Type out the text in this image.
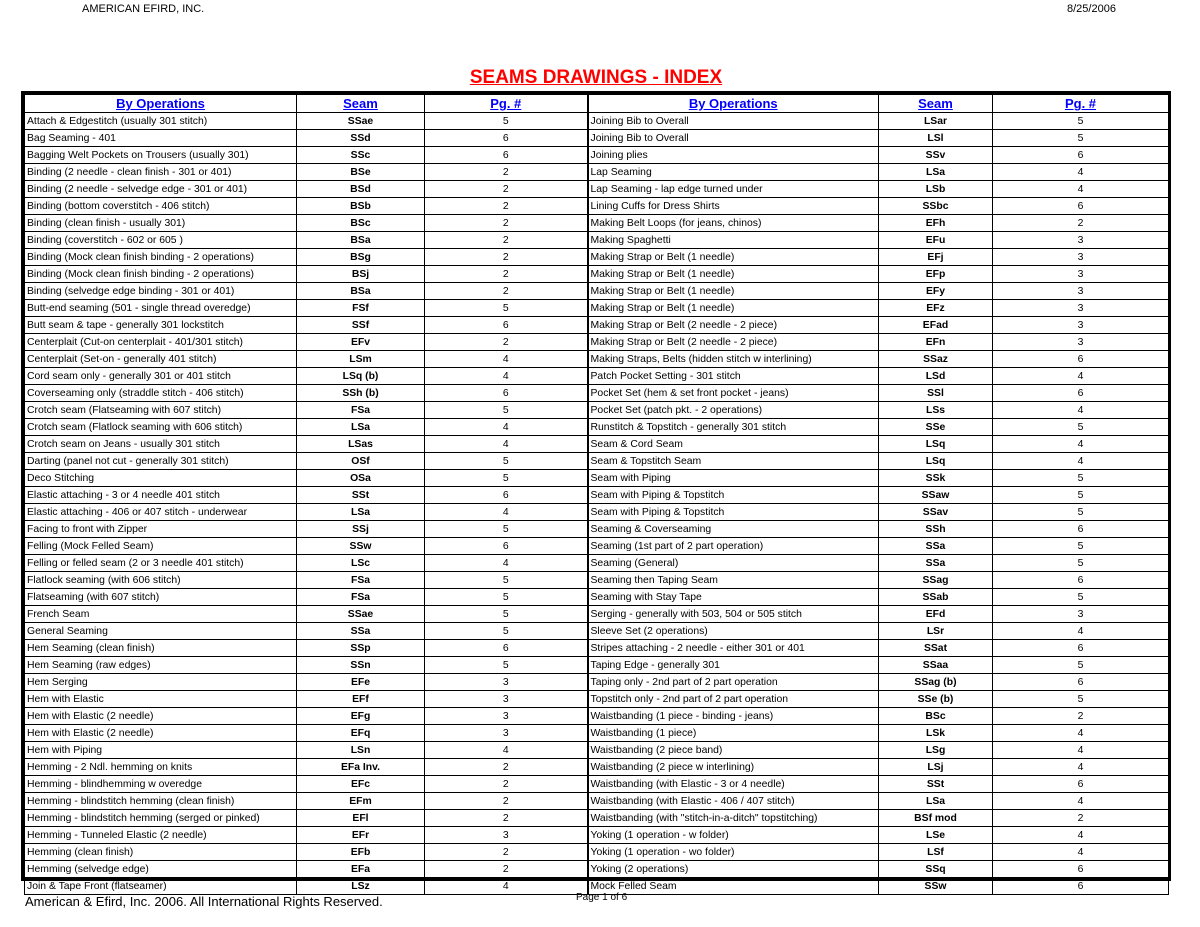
AMERICAN EFIRD, INC.	8/25/2006
SEAMS DRAWINGS - INDEX
By Operations	Seam	Pg. #	By Operations	Seam	Pg. #
Attach & Edgestitch (usually 301 stitch)	SSae	5	Joining Bib to Overall	LSar	5
Bag Seaming - 401	SSd	6	Joining Bib to Overall	LSl	5
Bagging Welt Pockets on Trousers (usually 301)	SSc	6	Joining plies	SSv	6
Binding (2 needle - clean finish - 301 or 401)	BSe	2	Lap Seaming	LSa	4
Binding (2 needle - selvedge edge - 301 or 401)	BSd	2	Lap Seaming - lap edge turned under	LSb	4
Binding (bottom coverstitch - 406 stitch)	BSb	2	Lining Cuffs for Dress Shirts	SSbc	6
Binding (clean finish - usually 301)	BSc	2	Making Belt Loops (for jeans, chinos)	EFh	2
Binding (coverstitch - 602 or 605 )	BSa	2	Making Spaghetti	EFu	3
Binding (Mock clean finish binding - 2 operations)	BSg	2	Making Strap or Belt (1 needle)	EFj	3
Binding (Mock clean finish binding - 2 operations)	BSj	2	Making Strap or Belt (1 needle)	EFp	3
Binding (selvedge edge binding - 301 or 401)	BSa	2	Making Strap or Belt (1 needle)	EFy	3
Butt-end seaming (501 - single thread overedge)	FSf	5	Making Strap or Belt (1 needle)	EFz	3
Butt seam & tape - generally 301 lockstitch	SSf	6	Making Strap or Belt (2 needle - 2 piece)	EFad	3
Centerplait (Cut-on centerplait - 401/301 stitch)	EFv	2	Making Strap or Belt (2 needle - 2 piece)	EFn	3
Centerplait (Set-on - generally 401 stitch)	LSm	4	Making Straps, Belts (hidden stitch w interlining)	SSaz	6
Cord seam only - generally 301 or 401 stitch	LSq (b)	4	Patch Pocket Setting - 301 stitch	LSd	4
Coverseaming only (straddle stitch - 406 stitch)	SSh (b)	6	Pocket Set (hem & set front pocket - jeans)	SSl	6
Crotch seam (Flatseaming with 607 stitch)	FSa	5	Pocket Set (patch pkt. - 2 operations)	LSs	4
Crotch seam (Flatlock seaming with 606 stitch)	LSa	4	Runstitch & Topstitch - generally 301 stitch	SSe	5
Crotch seam on Jeans - usually 301 stitch	LSas	4	Seam & Cord Seam	LSq	4
Darting (panel not cut - generally 301 stitch)	OSf	5	Seam & Topstitch Seam	LSq	4
Deco Stitching	OSa	5	Seam with Piping	SSk	5
Elastic attaching - 3 or 4 needle 401 stitch	SSt	6	Seam with Piping & Topstitch	SSaw	5
Elastic attaching - 406 or 407 stitch - underwear	LSa	4	Seam with Piping & Topstitch	SSav	5
Facing to front with Zipper	SSj	5	Seaming & Coverseaming	SSh	6
Felling (Mock Felled Seam)	SSw	6	Seaming (1st part of 2 part operation)	SSa	5
Felling or felled seam (2 or 3 needle 401 stitch)	LSc	4	Seaming (General)	SSa	5
Flatlock seaming (with 606 stitch)	FSa	5	Seaming then Taping Seam	SSag	6
Flatseaming (with 607 stitch)	FSa	5	Seaming with Stay Tape	SSab	5
French Seam	SSae	5	Serging - generally with 503, 504 or 505 stitch	EFd	3
General Seaming	SSa	5	Sleeve Set (2 operations)	LSr	4
Hem Seaming (clean finish)	SSp	6	Stripes attaching - 2 needle - either 301 or 401	SSat	6
Hem Seaming (raw edges)	SSn	5	Taping Edge - generally 301	SSaa	5
Hem Serging	EFe	3	Taping only - 2nd part of 2 part operation	SSag (b)	6
Hem with Elastic	EFf	3	Topstitch only - 2nd part of 2 part operation	SSe (b)	5
Hem with Elastic (2 needle)	EFg	3	Waistbanding (1 piece - binding - jeans)	BSc	2
Hem with Elastic (2 needle)	EFq	3	Waistbanding (1 piece)	LSk	4
Hem with Piping	LSn	4	Waistbanding (2 piece band)	LSg	4
Hemming - 2 Ndl. hemming on knits	EFa Inv.	2	Waistbanding (2 piece w interlining)	LSj	4
Hemming - blindhemming w overedge	EFc	2	Waistbanding (with Elastic - 3 or 4 needle)	SSt	6
Hemming - blindstitch hemming (clean finish)	EFm	2	Waistbanding (with Elastic - 406 / 407 stitch)	LSa	4
Hemming - blindstitch hemming (serged or pinked)	EFl	2	Waistbanding (with "stitch-in-a-ditch" topstitching)	BSf mod	2
Hemming - Tunneled Elastic (2 needle)	EFr	3	Yoking (1 operation - w folder)	LSe	4
Hemming (clean finish)	EFb	2	Yoking (1 operation - wo folder)	LSf	4
Hemming (selvedge edge)	EFa	2	Yoking (2 operations)	SSq	6
Join & Tape Front (flatseamer)	LSz	4	Mock Felled Seam	SSw	6
American & Efird, Inc. 2006. All International Rights Reserved.	Page 1 of 6
